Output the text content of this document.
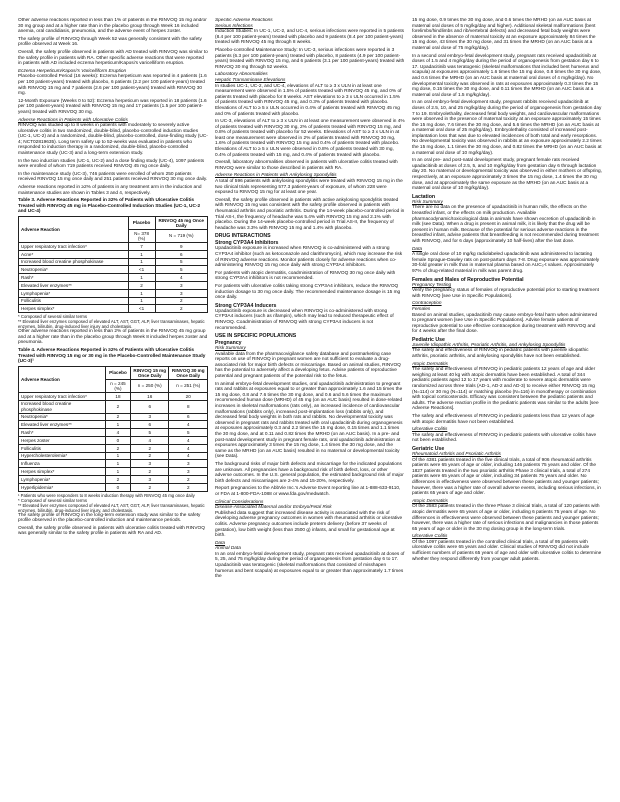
Other adverse reactions reported in less than 1% of patients in the RINVOQ 15 mg and/or 30 mg group and at a higher rate than in the placebo group through Week 16 included anemia, oral candidiasis, pneumonia, and the adverse event of herpes zoster.

The safety profile of RINVOQ through Week 52 was generally consistent with the safety profile observed at Week 16.

Overall, the safety profile observed in patients with AD treated with RINVOQ was similar to the safety profile in patients with RA. Other specific adverse reactions that were reported in patients with AD included eczema herpeticum/Kaposi's varicelliform eruption.

Eczema Herpeticum/Kaposi's Varicelliform Eruption

Placebo-controlled Period (16 weeks): Eczema herpeticum was reported in 4 patients (1.6 per 100 patient-years) treated with placebo, 6 patients (2.2 per 100 patient-years) treated with RINVOQ 15 mg and 7 patients (2.6 per 100 patient-years) treated with RINVOQ 30 mg.

12-Month Exposure (Weeks 0 to 52): Eczema herpeticum was reported in 18 patients (1.6 per 100 patient-years) treated with RINVOQ 15 mg and 17 patients (1.5 per 100 patient-years) treated with RINVOQ 30 mg.

Adverse Reactions in Patients with Ulcerative Colitis

RINVOQ was studied up to 8 weeks in patients with moderately to severely active ulcerative colitis in two randomized, double-blind, placebo-controlled induction studies (UC-1, UC-2) and a randomized, double-blind, placebo-controlled, dose-finding study (UC-4; NCT02819635). Long term safety up to 52-weeks was evaluated in patients who responded to induction therapy in a randomized, double-blind, placebo-controlled maintenance study (UC-3) and a long-term extension study.

In the two induction studies (UC-1, UC-2) and a dose finding study (UC-4), 1097 patients were enrolled of whom 719 patients received RINVOQ 45 mg once daily.

In the maintenance study (UC-3), 746 patients were enrolled of whom 250 patients received RINVOQ 15 mg once daily and 251 patients received RINVOQ 30 mg once daily.

Adverse reactions reported in ≥2% of patients in any treatment arm in the induction and maintenance studies are shown in Tables 3 and 4, respectively.

Table 3. Adverse Reactions Reported in ≥2% of Patients with Ulcerative Colitis Treated with RINVOQ 45 mg in Placebo-Controlled Induction Studies (UC-1, UC-2 and UC-4)

Adverse Reaction	Placebo	RINVOQ 45 mg Once Daily
	N= 378 (%)	N = 719 (%)
Upper respiratory tract infection*	7	9
Acne*	1	6
Increased blood creatine phosphokinase	1	5
Neutropenia*	<1	5
Rash*	1	4
Elevated liver enzymes**	2	3
Lymphopenia*	1	3
Folliculitis	1	2
Herpes simplex*	<1	2

* Composed of several similar terms

** Elevated liver enzymes composed of elevated ALT, AST, GGT, ALP, liver transaminases, hepatic enzymes, bilirubin, drug-induced liver injury and cholestasis.

Other adverse reactions reported in less than 2% of patients in the RINVOQ 45 mg group and at a higher rate than in the placebo group through Week 8 included herpes zoster and pneumonia.

Table 4. Adverse Reactions Reported in ≥2% of Patients with Ulcerative Colitis Treated with RINVOQ 15 mg or 30 mg in the Placebo-Controlled Maintenance Study (UC-3)¹

Adverse Reaction	Placebo	RINVOQ 15 mg Once Daily	RINVOQ 30 mg Once Daily
	n = 245 (%)	n = 250 (%)	n = 251 (%)
Upper respiratory tract infection*	18	16	20
Increased blood creatine phosphokinase	2	6	8
Neutropenia*	2	3	6
Elevated liver enzymes**	1	6	4
Rash*	4	5	5
Herpes zoster	0	4	4
Folliculitis	2	2	4
Hypercholesterolemia*	1	2	4
Influenza	1	3	3
Herpes simplex*	1	2	3
Lymphopenia*	2	3	2
Hyperlipidemia*	0	2	2

¹ Patients who were responders to 8 weeks induction therapy with RINVOQ 45 mg once daily

* Composed of several similar terms

** Elevated liver enzymes composed of elevated ALT, AST, GGT, ALP, liver transaminases, hepatic enzymes, bilirubin, drug-induced liver injury, and cholestasis.

The safety profile of RINVOQ in the long-term extension study was similar to the safety profile observed in the placebo-controlled induction and maintenance periods.

Overall, the safety profile observed in patients with ulcerative colitis treated with RINVOQ was generally similar to the safety profile in patients with RA and AD.

Specific Adverse Reactions

Serious Infections

Induction Studies: In UC-1, UC-2, and UC-4, serious infections were reported in 5 patients (8.4 per 100 patient-years) treated with placebo and 9 patients (8.4 per 100 patient-years) treated with RINVOQ 45 mg through 8 weeks.

Placebo-controlled Maintenance Study: In UC-3, serious infections were reported in 3 patients (6.3 per 100 patient-years) treated with placebo, 8 patients (4.9 per 100 patient-years) treated with RINVOQ 15 mg, and 6 patients (3.1 per 100 patient-years) treated with RINVOQ 30 mg through 52 weeks.

Laboratory Abnormalities

Hepatic Transaminase Elevations

In studies UC-1, UC-2, and UC-4, elevations of ALT to ≥ 3 x ULN in at least one measurement were observed in 1.5% of patients treated with RINVOQ 45 mg, and 0% of patients treated with placebo for 8 weeks. AST elevations to ≥ 3 x ULN occurred in 1.5% of patients treated with RINVOQ 45 mg, and 0.3% of patients treated with placebo. Elevations of ALT to ≥ 5 x ULN occurred in 0.4% of patients treated with RINVOQ 45 mg and 0% of patients treated with placebo.

In UC-3, elevations of ALT to ≥ 3 x ULN in at least one measurement were observed in 4% of patients treated with RINVOQ 30 mg, 2% of patients treated with RINVOQ 15 mg, and 0.8% of patients treated with placebo for 52 weeks. Elevations of AST to ≥ 3 x ULN in at least one measurement were observed in 2% of patients treated with RINVOQ 30 mg, 1.6% of patients treated with RINVOQ 15 mg and 0.4% of patients treated with placebo. Elevations of ALT to ≥ 5 x ULN were observed in 0.8% of patients treated with 30 mg, 0.4% of patients treated with 15 mg, and 0.4% of patients treated with placebo.

Overall, laboratory abnormalities observed in patients with ulcerative colitis treated with RINVOQ were similar to those described in patients with RA.

Adverse Reactions in Patients with Ankylosing Spondylitis

A total of 596 patients with ankylosing spondylitis were treated with RINVOQ 15 mg in the two clinical trials representing 577.3 patient-years of exposure, of whom 228 were exposed to RINVOQ 15 mg for at least one year.

Overall, the safety profile observed in patients with active ankylosing spondylitis treated with RINVOQ 15 mg was consistent with the safety profile observed in patients with rheumatoid arthritis and psoriatic arthritis. During the 14-week placebo-controlled period in Trial AS-I, the frequency of headache was 5.4% with RINVOQ 15 mg and 2.1% with placebo. During the 14-week placebo-controlled period in Trial AS-II, the frequency of headache was 3.3% with RINVOQ 15 mg and 1.4% with placebo.

DRUG INTERACTIONS

Strong CYP3A4 Inhibitors

Upadacitinib exposure is increased when RINVOQ is co-administered with a strong CYP3A4 inhibitor (such as ketoconazole and clarithromycin), which may increase the risk of RINVOQ adverse reactions. Monitor patients closely for adverse reactions when co-administering RINVOQ 15 mg once daily with strong CYP3A4 inhibitors.

For patients with atopic dermatitis, coadministration of RINVOQ 30 mg once daily with strong CYP3A4 inhibitors is not recommended.

For patients with ulcerative colitis taking strong CYP3A4 inhibitors, reduce the RINVOQ induction dosage to 30 mg once daily. The recommended maintenance dosage is 15 mg once daily.

Strong CYP3A4 Inducers

Upadacitinib exposure is decreased when RINVOQ is co-administered with strong CYP3A4 inducers (such as rifampin), which may lead to reduced therapeutic effect of RINVOQ. Coadministration of RINVOQ with strong CYP3A4 inducers is not recommended.

USE IN SPECIFIC POPULATIONS

Pregnancy

Risk Summary

Available data from the pharmacovigilance safety database and postmarketing case reports on use of RINVOQ in pregnant women are not sufficient to evaluate a drug-associated risk for major birth defects or miscarriage. Based on animal studies, RINVOQ has the potential to adversely affect a developing fetus. Advise patients of reproductive potential and pregnant patients of the potential risk to the fetus.

In animal embryo-fetal development studies, oral upadacitinib administration to pregnant rats and rabbits at exposures equal to or greater than approximately 1.6 and 15 times the 15 mg dose, 0.8 and 7.6 times the 30 mg dose, and 0.6 and 5.6 times the maximum recommended human dose (MRHD) of 45 mg (on an AUC basis) resulted in dose-related increases in skeletal malformations (rats only), an increased incidence of cardiovascular malformations (rabbits only), increased post-implantation loss (rabbits only), and decreased fetal body weights in both rats and rabbits. No developmental toxicity was observed in pregnant rats and rabbits treated with oral upadacitinib during organogenesis at exposures approximately 0.3 and 2.2 times the 15 mg dose, 0.15 times and 1.1 times the 30 mg dose, and at 0.11 and 0.82 times the MRHD (on an AUC basis). In a pre- and post-natal development study in pregnant female rats, oral upadacitinib administration at exposures approximately 3 times the 15 mg dose, 1.4 times the 30 mg dose, and the same as the MRHD (on an AUC basis) resulted in no maternal or developmental toxicity (see Data).

The background risks of major birth defects and miscarriage for the indicated populations are unknown. All pregnancies have a background risk of birth defect, loss, or other adverse outcomes. In the U.S. general population, the estimated background risk of major birth defects and miscarriages are 2-4% and 15-20%, respectively.

Report pregnancies to the AbbVie Inc.'s Adverse Event reporting line at 1-888-633-9110, or FDA at 1-800-FDA-1088 or www.fda.gov/medwatch.

Clinical Considerations

Disease-Associated Maternal and/or Embryo/Fetal Risk

Published data suggest that increased disease activity is associated with the risk of developing adverse pregnancy outcomes in women with rheumatoid arthritis or ulcerative colitis. Adverse pregnancy outcomes include preterm delivery (before 37 weeks of gestation), low birth weight (less than 2500 g) infants, and small for gestational age at birth.

Data

Animal Data

In an oral embryo-fetal development study, pregnant rats received upadacitinib at doses of 5, 25, and 75 mg/kg/day during the period of organogenesis from gestation day 6 to 17. Upadacitinib was teratogenic (skeletal malformations that consisted of misshapen humerus and bent scapula) at exposures equal to or greater than approximately 1.7 times the

15 mg dose, 0.9 times the 30 mg dose, and 0.6 times the MRHD (on an AUC basis at maternal oral doses of 5 mg/kg/day and higher). Additional skeletal malformations (bent forelimbs/hindlimbs and rib/vertebral defects) and decreased fetal body weights were observed in the absence of maternal toxicity at an exposure approximately 84 times the 15 mg dose, 43 times the 30 mg dose, and 31 times the MRHD (on an AUC basis at a maternal oral dose of 75 mg/kg/day).

In a second oral embryo-fetal development study, pregnant rats received upadacitinib at doses of 1.5 and 4 mg/kg/day during the period of organogenesis from gestation day 6 to 17. Upadacitinib was teratogenic (skeletal malformations that included bent humerus and scapula) at exposures approximately 1.6 times the 15 mg dose, 0.8 times the 30 mg dose, and 0.6 times the MRHD (on an AUC basis at maternal oral doses of 4 mg/kg/day). No developmental toxicity was observed in rats at exposures approximately 0.3 times the 15 mg dose, 0.15 times the 30 mg dose, and 0.11 times the MRHD (on an AUC basis at a maternal oral dose of 1.5 mg/kg/day).

In an oral embryo-fetal development study, pregnant rabbits received upadacitinib at doses of 2.5, 10, and 25 mg/kg/day during the period of organogenesis from gestation day 7 to 19. Embryolethality, decreased fetal body weights, and cardiovascular malformations were observed in the presence of maternal toxicity at an exposure approximately 15 times the 15 mg dose, 7.6 times the 30 mg dose, and 5.6 times the MRHD (on an AUC basis at a maternal oral dose of 25 mg/kg/day). Embryolethality consisted of increased post-implantation loss that was due to elevated incidences of both total and early resorptions. No developmental toxicity was observed in rabbits at an exposure approximately 2.2 times the 15 mg dose, 1.1 times the 30 mg dose, and 0.82 times the MRHD (on an AUC basis at a maternal oral dose of 10 mg/kg/day).

In an oral pre- and post-natal development study, pregnant female rats received upadacitinib at doses of 2.5, 5, and 10 mg/kg/day from gestation day 6 through lactation day 20. No maternal or developmental toxicity was observed in either mothers or offspring, respectively, at an exposure approximately 3 times the 15 mg dose, 1.4 times the 30 mg dose, and at approximately the same exposure as the MRHD (on an AUC basis at a maternal oral dose of 10 mg/kg/day).

Lactation

Risk Summary

There are no data on the presence of upadacitinib in human milk, the effects on the breastfed infant, or the effects on milk production. Available pharmacodynamic/toxicological data in animals have shown excretion of upadacitinib in milk (see Data). When a drug is present in animal milk, it is likely that the drug will be present in human milk. Because of the potential for serious adverse reactions in the breastfed infant, advise patients that breastfeeding is not recommended during treatment with RINVOQ, and for 6 days (approximately 10 half-lives) after the last dose.

Data

A single oral dose of 10 mg/kg radiolabeled upadacitinib was administered to lactating female Sprague-Dawley rats on post-partum days 7-8. Drug exposure was approximately 30-fold greater in milk than in maternal plasma based on AUC₀-t values. Approximately 97% of drug-related material in milk was parent drug.

Females and Males of Reproductive Potential

Pregnancy Testing

Verify the pregnancy status of females of reproductive potential prior to starting treatment with RINVOQ [see Use in Specific Populations].

Contraception

Females

Based on animal studies, upadacitinib may cause embryo-fetal harm when administered to pregnant women [see Use in Specific Populations]. Advise female patients of reproductive potential to use effective contraception during treatment with RINVOQ and for 4 weeks after the final dose.

Pediatric Use

Juvenile Idiopathic Arthritis, Psoriatic Arthritis, and Ankylosing Spondylitis

The safety and effectiveness of RINVOQ in pediatric patients with juvenile idiopathic arthritis, psoriatic arthritis, and ankylosing spondylitis have not been established.

Atopic Dermatitis

The safety and effectiveness of RINVOQ in pediatric patients 12 years of age and older weighing at least 40 kg with atopic dermatitis have been established. A total of 344 pediatric patients aged 12 to 17 years with moderate to severe atopic dermatitis were randomized across three trials (AD-1, AD-2 and AD-3) to receive either RINVOQ 15 mg (N=114) or 30 mg (N=114) or matching placebo (N=116) in monotherapy or combination with topical corticosteroids. Efficacy was consistent between the pediatric patients and adults. The adverse reaction profile in the pediatric patients was similar to the adults [see Adverse Reactions].

The safety and effectiveness of RINVOQ in pediatric patients less than 12 years of age with atopic dermatitis have not been established.

Ulcerative Colitis

The safety and effectiveness of RINVOQ in pediatric patients with ulcerative colitis have not been established.

Geriatric Use

Rheumatoid Arthritis and Psoriatic Arthritis

Of the 4381 patients treated in the five clinical trials, a total of 906 rheumatoid arthritis patients were 65 years of age or older, including 146 patients 75 years and older. Of the 1827 patients treated in the two psoriatic arthritis Phase 3 clinical trials, a total of 274 patients were 65 years of age or older, including 34 patients 75 years and older. No differences in effectiveness were observed between these patients and younger patients; however, there was a higher rate of overall adverse events, including serious infections, in patients 65 years of age and older.

Atopic Dermatitis

Of the 2583 patients treated in the three Phase 3 clinical trials, a total of 120 patients with atopic dermatitis were 65 years of age or older, including 6 patients 75 years of age. No differences in effectiveness were observed between these patients and younger patients; however, there was a higher rate of serious infections and malignancies in those patients 65 years of age or older in the 30 mg dosing group in the long-term trials.

Ulcerative Colitis

Of the 1097 patients treated in the controlled clinical trials, a total of 95 patients with ulcerative colitis were 65 years and older. Clinical studies of RINVOQ did not include sufficient numbers of patients 65 years of age and older with ulcerative colitis to determine whether they respond differently from younger adult patients.
